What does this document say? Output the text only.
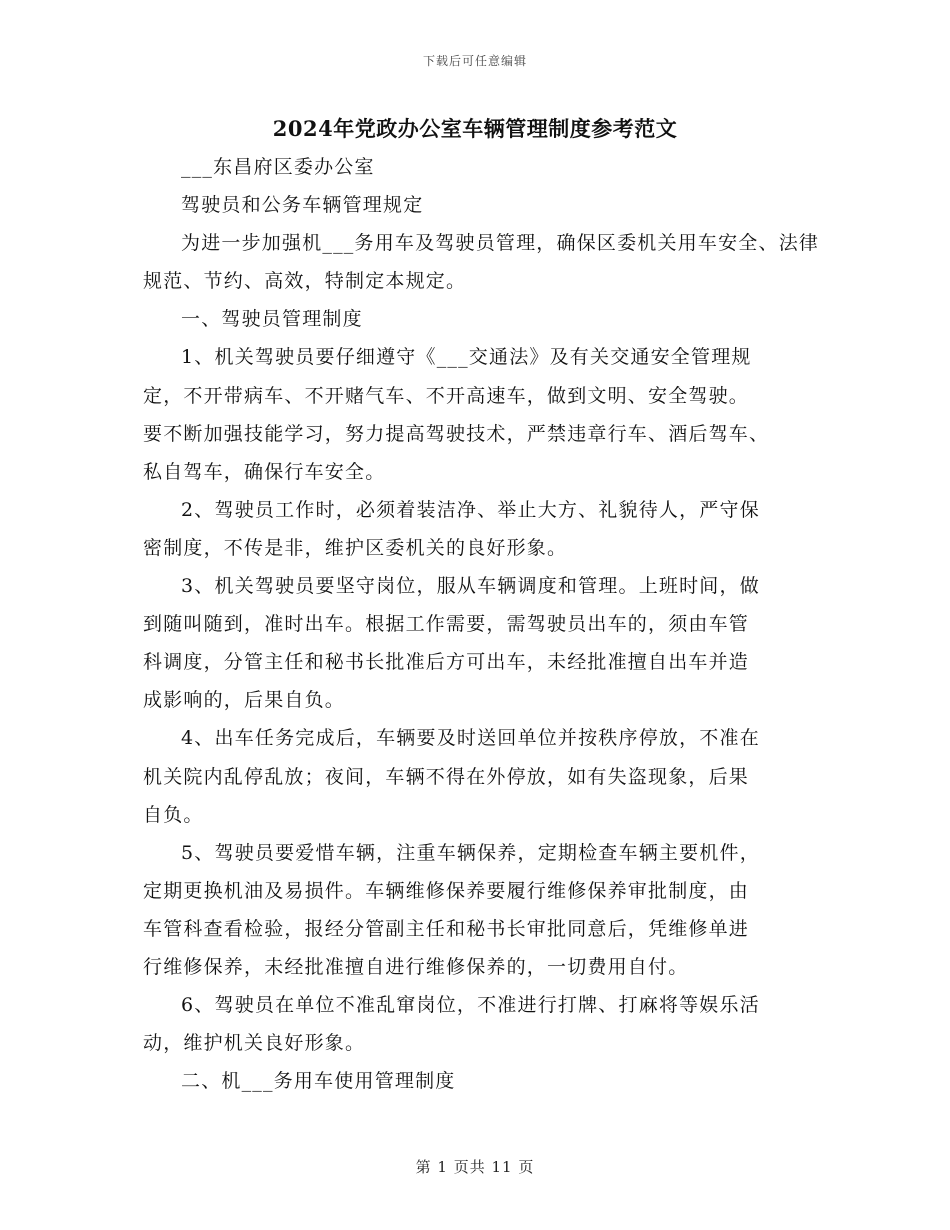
下载后可任意编辑
2024年党政办公室车辆管理制度参考范文

___东昌府区委办公室

驾驶员和公务车辆管理规定

为进一步加强机___务用车及驾驶员管理，确保区委机关用车安全、法律规范、节约、高效，特制定本规定。

一、驾驶员管理制度

1、机关驾驶员要仔细遵守《___交通法》及有关交通安全管理规
定，不开带病车、不开赌气车、不开高速车，做到文明、安全驾驶。
要不断加强技能学习，努力提高驾驶技术，严禁违章行车、酒后驾车、
私自驾车，确保行车安全。

2、驾驶员工作时，必须着装洁净、举止大方、礼貌待人，严守保
密制度，不传是非，维护区委机关的良好形象。

3、机关驾驶员要坚守岗位，服从车辆调度和管理。上班时间，做
到随叫随到，准时出车。根据工作需要，需驾驶员出车的，须由车管
科调度，分管主任和秘书长批准后方可出车，未经批准擅自出车并造
成影响的，后果自负。

4、出车任务完成后，车辆要及时送回单位并按秩序停放，不准在
机关院内乱停乱放；夜间，车辆不得在外停放，如有失盗现象，后果
自负。

5、驾驶员要爱惜车辆，注重车辆保养，定期检查车辆主要机件，
定期更换机油及易损件。车辆维修保养要履行维修保养审批制度，由
车管科查看检验，报经分管副主任和秘书长审批同意后，凭维修单进
行维修保养，未经批准擅自进行维修保养的，一切费用自付。

6、驾驶员在单位不准乱窜岗位，不准进行打牌、打麻将等娱乐活
动，维护机关良好形象。

二、机___务用车使用管理制度

第 1 页共 11 页
